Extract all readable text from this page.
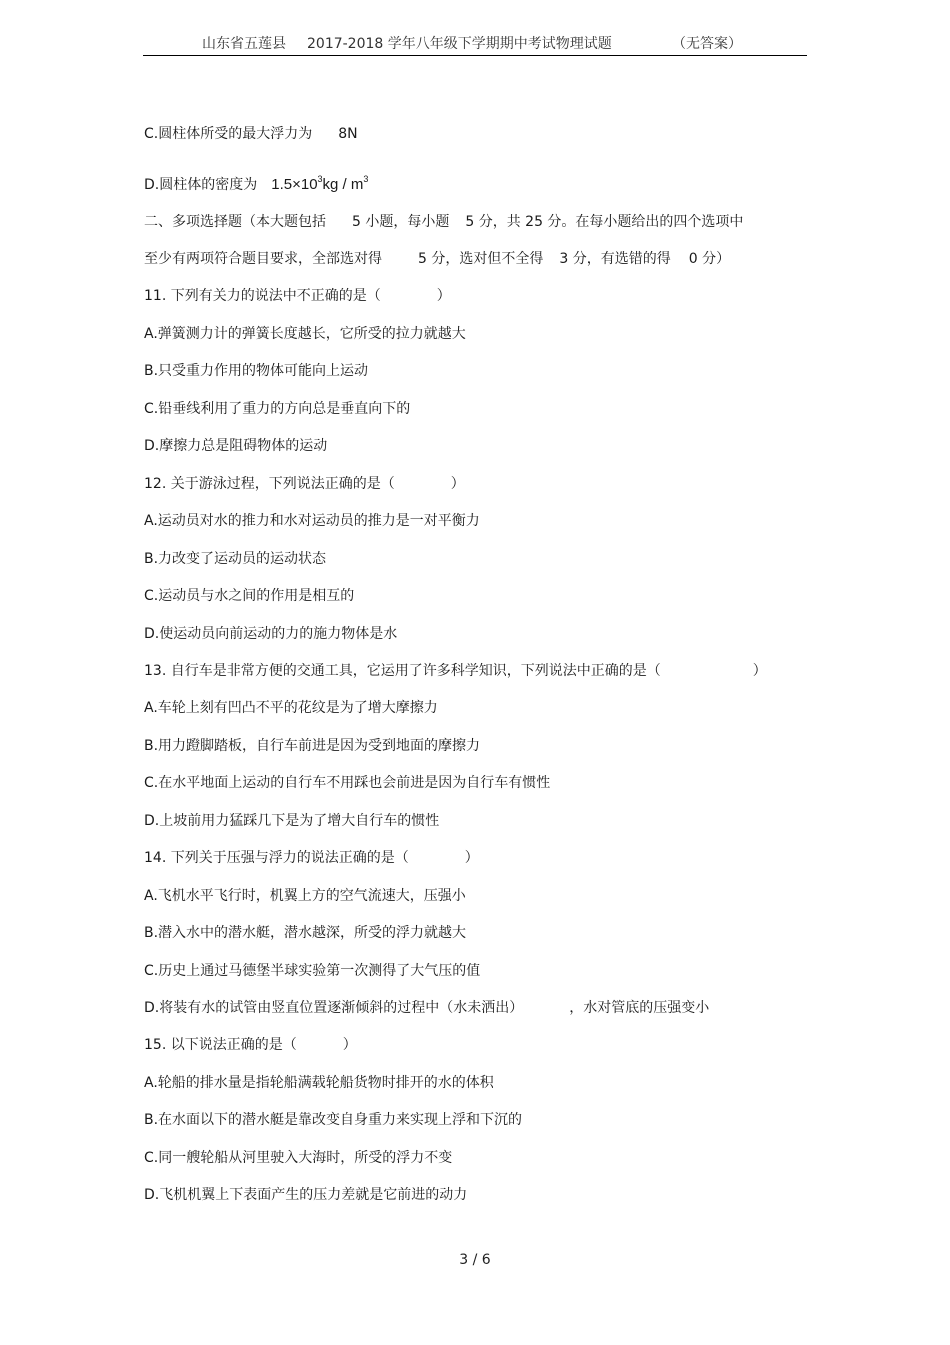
山东省五莲县 2017-2018 学年八年级下学期期中考试物理试题	（无答案）
C.圆柱体所受的最大浮力为 8N
D.圆柱体的密度为 $1.5\times 10^3kg / m^3$
二、多项选择题（本大题包括 5 小题，每小题 5 分，共 25 分。在每小题给出的四个选项中
至少有两项符合题目要求，全部选对得	5 分，选对但不全得 3 分，有选错的得 0 分）
11. 下列有关力的说法中不正确的是（	）
A.弹簧测力计的弹簧长度越长，它所受的拉力就越大
B.只受重力作用的物体可能向上运动
C.铅垂线利用了重力的方向总是垂直向下的
D.摩擦力总是阻碍物体的运动
12. 关于游泳过程，下列说法正确的是（	）
A.运动员对水的推力和水对运动员的推力是一对平衡力
B.力改变了运动员的运动状态
C.运动员与水之间的作用是相互的
D.使运动员向前运动的力的施力物体是水
13. 自行车是非常方便的交通工具，它运用了许多科学知识，下列说法中正确的是（	）
A.车轮上刻有凹凸不平的花纹是为了增大摩擦力
B.用力蹬脚踏板，自行车前进是因为受到地面的摩擦力
C.在水平地面上运动的自行车不用踩也会前进是因为自行车有惯性
D.上坡前用力猛踩几下是为了增大自行车的惯性
14. 下列关于压强与浮力的说法正确的是（	）
A.飞机水平飞行时，机翼上方的空气流速大，压强小
B.潜入水中的潜水艇，潜水越深，所受的浮力就越大
C.历史上通过马德堡半球实验第一次测得了大气压的值
D.将装有水的试管由竖直位置逐渐倾斜的过程中（水未洒出）	，水对管底的压强变小
15. 以下说法正确的是（	）
A.轮船的排水量是指轮船满载轮船货物时排开的水的体积
B.在水面以下的潜水艇是靠改变自身重力来实现上浮和下沉的
C.同一艘轮船从河里驶入大海时，所受的浮力不变
D.飞机机翼上下表面产生的压力差就是它前进的动力
3 / 6
